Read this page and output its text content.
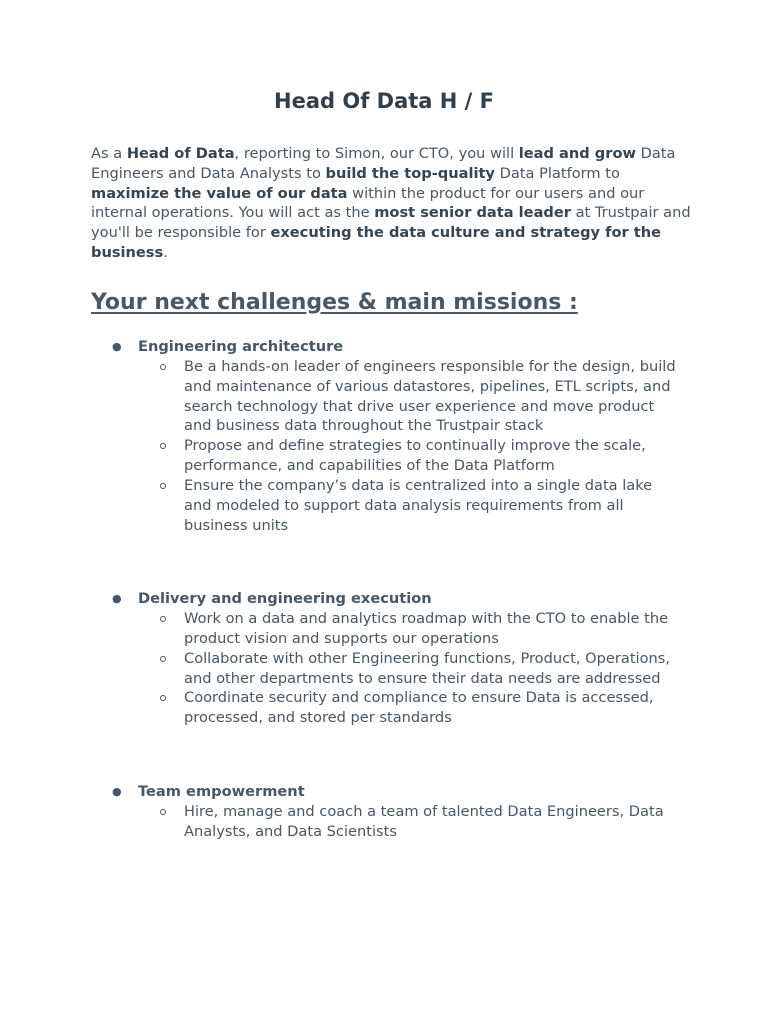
Head Of Data H / F

As a Head of Data, reporting to Simon, our CTO, you will lead and grow Data Engineers and Data Analysts to build the top-quality Data Platform to maximize the value of our data within the product for our users and our internal operations. You will act as the most senior data leader at Trustpair and you'll be responsible for executing the data culture and strategy for the business.

Your next challenges & main missions :
● Engineering architecture
Be a hands-on leader of engineers responsible for the design, build and maintenance of various datastores, pipelines, ETL scripts, and search technology that drive user experience and move product and business data throughout the Trustpair stack
Propose and define strategies to continually improve the scale, performance, and capabilities of the Data Platform
Ensure the company’s data is centralized into a single data lake and modeled to support data analysis requirements from all business units
● Delivery and engineering execution
Work on a data and analytics roadmap with the CTO to enable the product vision and supports our operations
Collaborate with other Engineering functions, Product, Operations, and other departments to ensure their data needs are addressed
Coordinate security and compliance to ensure Data is accessed, processed, and stored per standards
● Team empowerment
Hire, manage and coach a team of talented Data Engineers, Data Analysts, and Data Scientists
